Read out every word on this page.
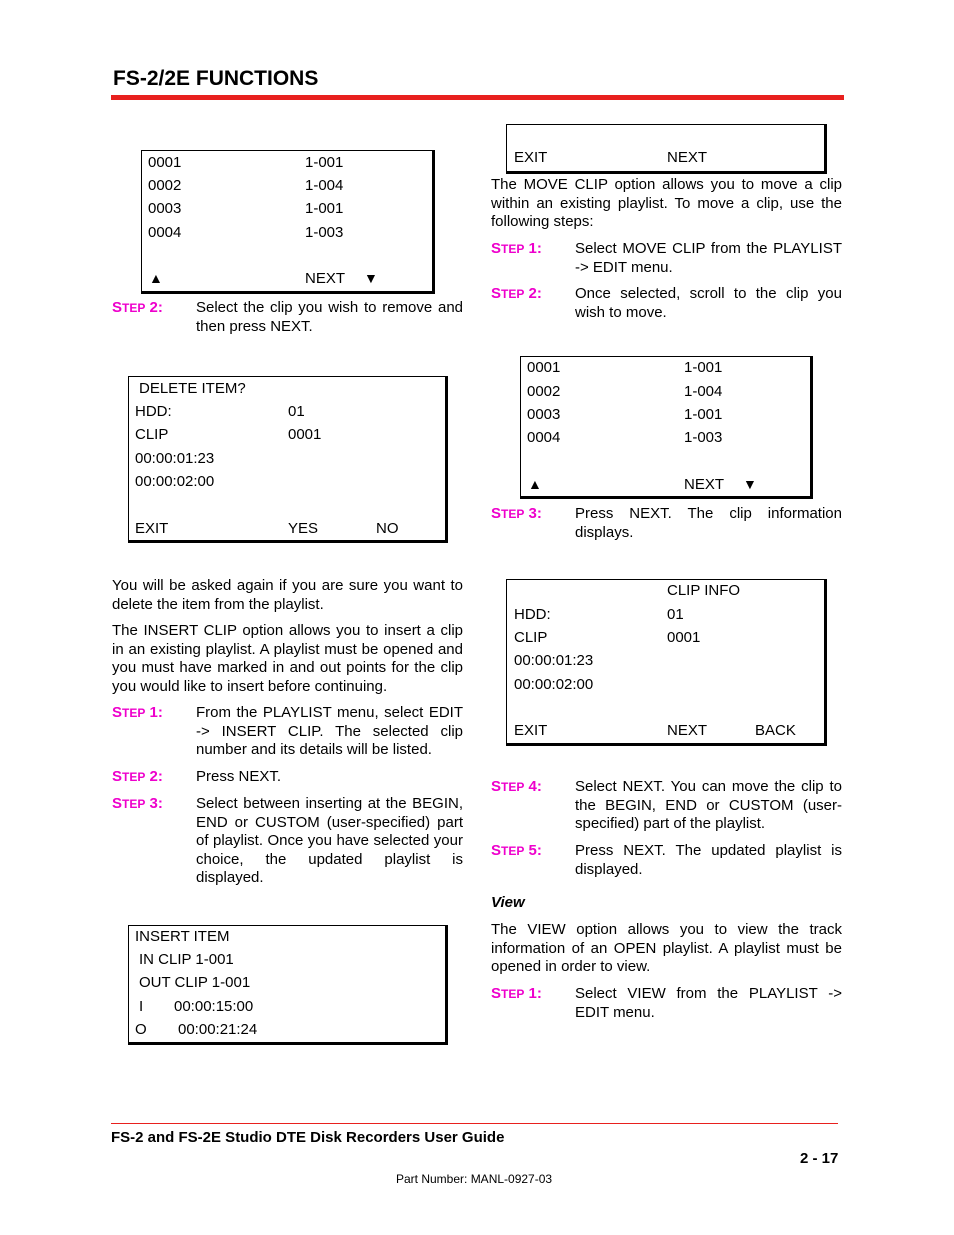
FS-2/2E FUNCTIONS
0001	1-001
0002	1-004
0003	1-001
0004	1-003
▲	NEXT ▼
STEP 2: Select the clip you wish to remove and then press NEXT.
DELETE ITEM?
HDD:	01
CLIP	0001
00:00:01:23
00:00:02:00
EXIT	YES	NO
You will be asked again if you are sure you want to delete the item from the playlist.
The INSERT CLIP option allows you to insert a clip in an existing playlist. A playlist must be opened and you must have marked in and out points for the clip you would like to insert before continuing.
STEP 1: From the PLAYLIST menu, select EDIT -> INSERT CLIP. The selected clip number and its details will be listed.
STEP 2: Press NEXT.
STEP 3: Select between inserting at the BEGIN, END or CUSTOM (user-specified) part of playlist. Once you have selected your choice, the updated playlist is displayed.
INSERT ITEM
IN CLIP 1-001
OUT CLIP 1-001
I 00:00:15:00
O 00:00:21:24
EXIT	NEXT
The MOVE CLIP option allows you to move a clip within an existing playlist. To move a clip, use the following steps:
STEP 1: Select MOVE CLIP from the PLAYLIST -> EDIT menu.
STEP 2: Once selected, scroll to the clip you wish to move.
0001	1-001
0002	1-004
0003	1-001
0004	1-003
▲	NEXT ▼
STEP 3: Press NEXT. The clip information displays.
CLIP INFO
HDD:	01
CLIP	0001
00:00:01:23
00:00:02:00
EXIT	NEXT	BACK
STEP 4: Select NEXT. You can move the clip to the BEGIN, END or CUSTOM (user-specified) part of the playlist.
STEP 5: Press NEXT. The updated playlist is displayed.
View
The VIEW option allows you to view the track information of an OPEN playlist. A playlist must be opened in order to view.
STEP 1: Select VIEW from the PLAYLIST -> EDIT menu.
FS-2 and FS-2E Studio DTE Disk Recorders User Guide
2 - 17
Part Number: MANL-0927-03
